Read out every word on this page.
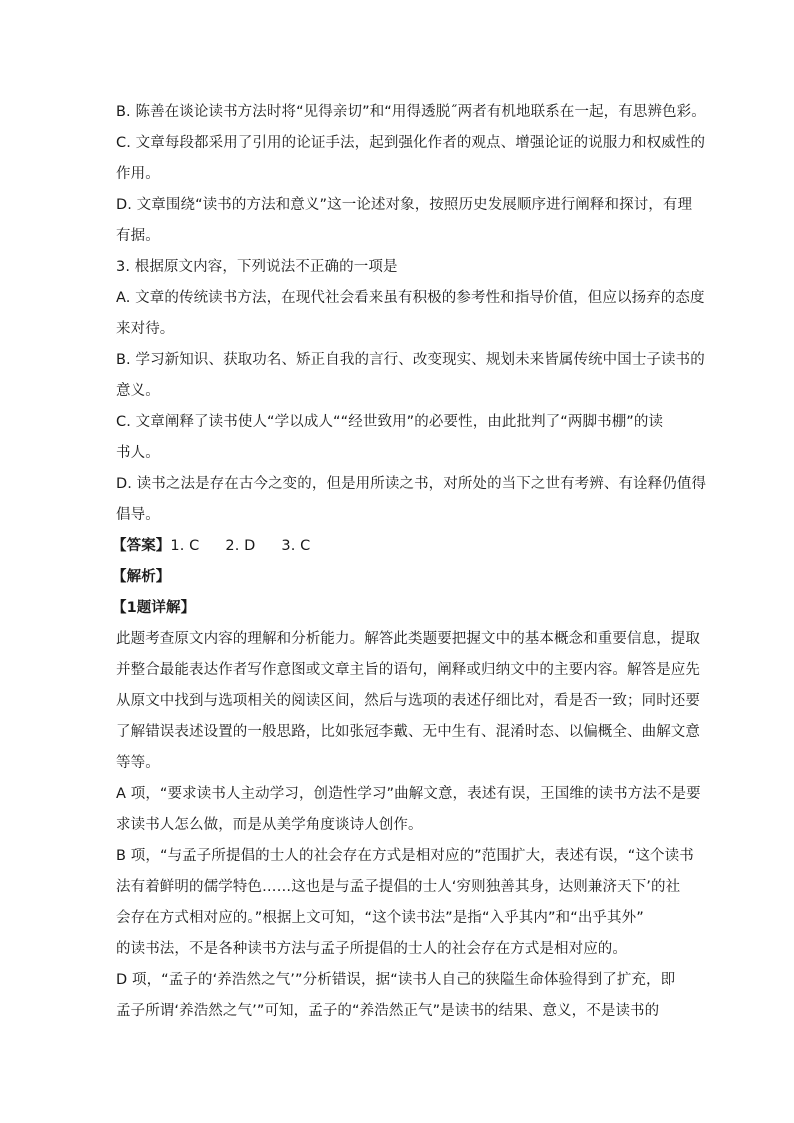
B. 陈善在谈论读书方法时将“见得亲切”和“用得透脱˝两者有机地联系在一起，有思辨色彩。
C. 文章每段都采用了引用的论证手法，起到强化作者的观点、增强论证的说服力和权威性的
作用。
D. 文章围绕“读书的方法和意义”这一论述对象，按照历史发展顺序进行阐释和探讨，有理
有据。
3. 根据原文内容，下列说法不正确的一项是
A. 文章的传统读书方法，在现代社会看来虽有积极的参考性和指导价值，但应以扬弃的态度
来对待。
B. 学习新知识、获取功名、矫正自我的言行、改变现实、规划未来皆属传统中国士子读书的
意义。
C. 文章阐释了读书使人“学以成人““经世致用”的必要性，由此批判了“两脚书棚”的读
书人。
D. 读书之法是存在古今之变的，但是用所读之书，对所处的当下之世有考辨、有诠释仍值得
倡导。
【答案】1. C 2. D 3. C
【解析】
【1题详解】
此题考查原文内容的理解和分析能力。解答此类题要把握文中的基本概念和重要信息，提取
并整合最能表达作者写作意图或文章主旨的语句，阐释或归纳文中的主要内容。解答是应先
从原文中找到与选项相关的阅读区间，然后与选项的表述仔细比对，看是否一致；同时还要
了解错误表述设置的一般思路，比如张冠李戴、无中生有、混淆时态、以偏概全、曲解文意
等等。
A 项，“要求读书人主动学习，创造性学习”曲解文意，表述有误，王国维的读书方法不是要
求读书人怎么做，而是从美学角度谈诗人创作。
B 项，“与孟子所提倡的士人的社会存在方式是相对应的”范围扩大，表述有误，“这个读书
法有着鲜明的儒学特色……这也是与孟子提倡的士人‘穷则独善其身，达则兼济天下’的社
会存在方式相对应的。”根据上文可知，“这个读书法”是指“入乎其内”和“出乎其外”
的读书法，不是各种读书方法与孟子所提倡的士人的社会存在方式是相对应的。
D 项，“孟子的‘养浩然之气’”分析错误，据“读书人自己的狭隘生命体验得到了扩充，即
孟子所谓‘养浩然之气’”可知，孟子的“养浩然正气”是读书的结果、意义，不是读书的
